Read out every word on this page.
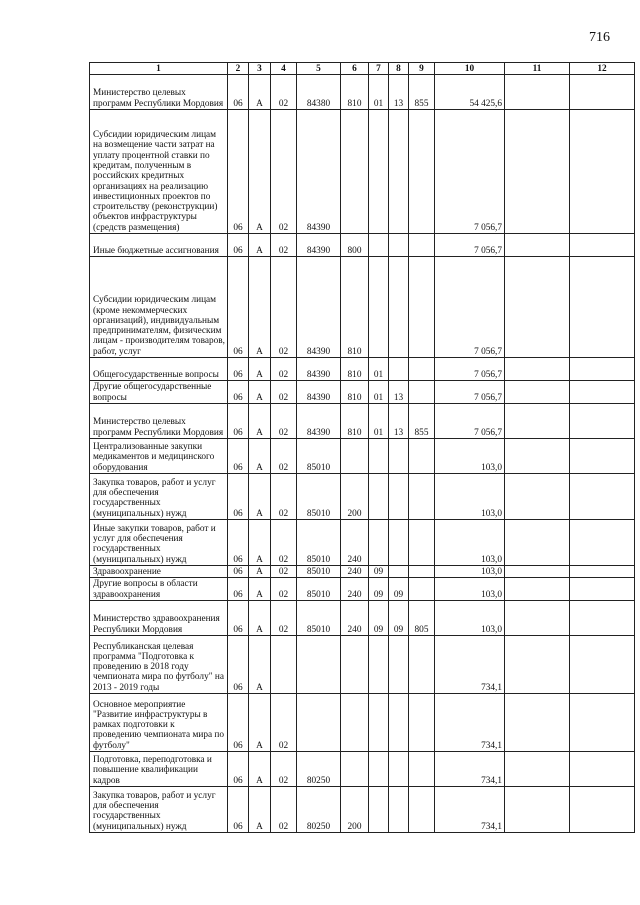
716
1	2	3	4	5	6	7	8	9	10	11	12
Министерство целевых программ Республики Мордовия	06	А	02	84380	810	01	13	855	54 425,6		
Субсидии юридическим лицам на возмещение части затрат на уплату процентной ставки по кредитам, полученным в российских кредитных организациях на реализацию инвестиционных проектов по строительству (реконструкции) объектов инфраструктуры (средств размещения)	06	А	02	84390					7 056,7		
Иные бюджетные ассигнования	06	А	02	84390	800				7 056,7		
Субсидии юридическим лицам (кроме некоммерческих организаций), индивидуальным предпринимателям, физическим лицам - производителям товаров, работ, услуг	06	А	02	84390	810				7 056,7		
Общегосударственные вопросы	06	А	02	84390	810	01			7 056,7		
Другие общегосударственные вопросы	06	А	02	84390	810	01	13		7 056,7		
Министерство целевых программ Республики Мордовия	06	А	02	84390	810	01	13	855	7 056,7		
Централизованные закупки медикаментов и медицинского оборудования	06	А	02	85010					103,0		
Закупка товаров, работ и услуг для обеспечения государственных (муниципальных) нужд	06	А	02	85010	200				103,0		
Иные закупки товаров, работ и услуг для обеспечения государственных (муниципальных) нужд	06	А	02	85010	240				103,0		
Здравоохранение	06	А	02	85010	240	09			103,0		
Другие вопросы в области здравоохранения	06	А	02	85010	240	09	09		103,0		
Министерство здравоохранения Республики Мордовия	06	А	02	85010	240	09	09	805	103,0		
Республиканская целевая программа "Подготовка к проведению в 2018 году чемпионата мира по футболу" на 2013 - 2019 годы	06	А							734,1		
Основное мероприятие "Развитие инфраструктуры в рамках подготовки к проведению чемпионата мира по футболу"	06	А	02						734,1		
Подготовка, переподготовка и повышение квалификации кадров	06	А	02	80250					734,1		
Закупка товаров, работ и услуг для обеспечения государственных (муниципальных) нужд	06	А	02	80250	200				734,1		
